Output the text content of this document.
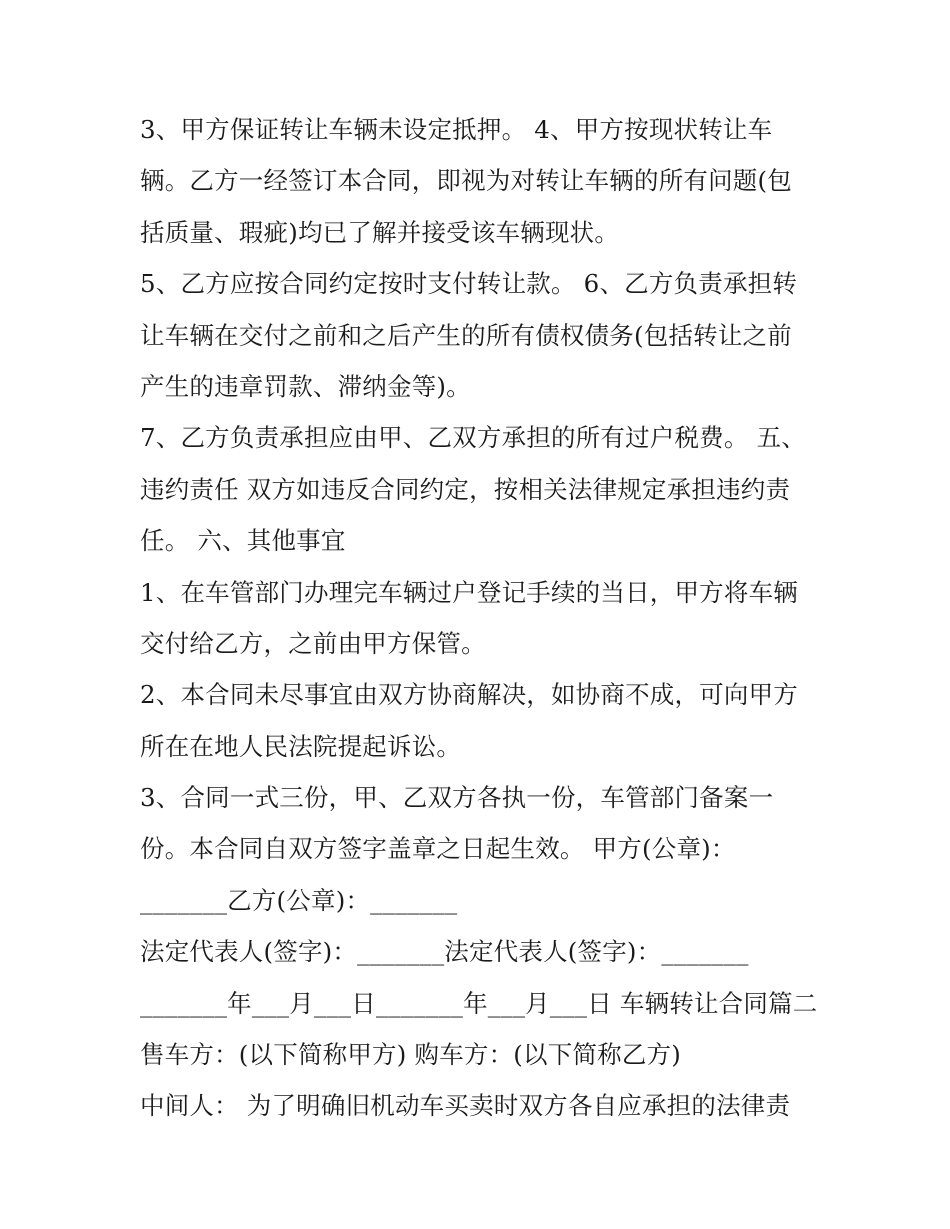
3、甲方保证转让车辆未设定抵押。 4、甲方按现状转让车
辆。乙方一经签订本合同，即视为对转让车辆的所有问题(包
括质量、瑕疵)均已了解并接受该车辆现状。
5、乙方应按合同约定按时支付转让款。 6、乙方负责承担转
让车辆在交付之前和之后产生的所有债权债务(包括转让之前
产生的违章罚款、滞纳金等)。
7、乙方负责承担应由甲、乙双方承担的所有过户税费。 五、
违约责任 双方如违反合同约定，按相关法律规定承担违约责
任。 六、其他事宜
1、在车管部门办理完车辆过户登记手续的当日，甲方将车辆
交付给乙方，之前由甲方保管。
2、本合同未尽事宜由双方协商解决，如协商不成，可向甲方
所在在地人民法院提起诉讼。
3、合同一式三份，甲、乙双方各执一份，车管部门备案一
份。本合同自双方签字盖章之日起生效。 甲方(公章)：
_______乙方(公章)：_______
法定代表人(签字)：_______法定代表人(签字)：_______
_______年___月___日_______年___月___日 车辆转让合同篇二
售车方：(以下简称甲方) 购车方：(以下简称乙方)
中间人： 为了明确旧机动车买卖时双方各自应承担的法律责
